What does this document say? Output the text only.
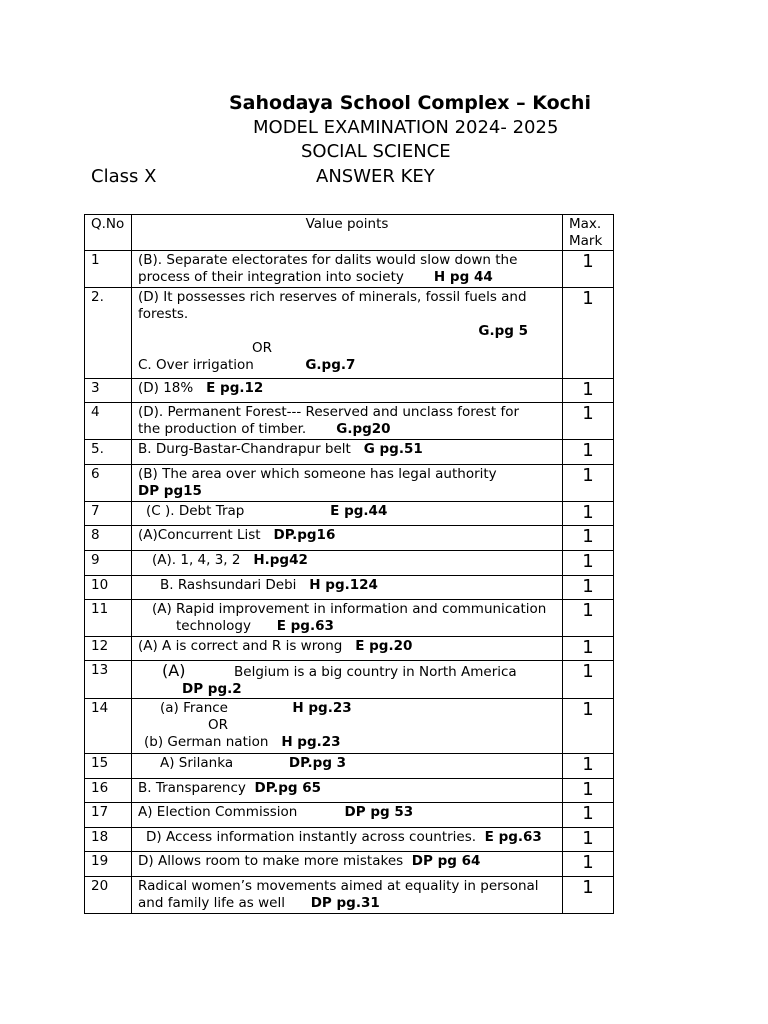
Sahodaya School Complex – Kochi
MODEL EXAMINATION 2024- 2025
SOCIAL SCIENCE
Class X	ANSWER KEY
Q.No	Value points	Max.
Mark

1	(B). Separate electorates for dalits would slow down the
process of their integration into society H pg 44	1
2.	(D) It possesses rich reserves of minerals, fossil fuels and
forests.
G.pg 5
OR
C. Over irrigation G.pg.7	1
3	(D) 18% E pg.12	1
4	(D). Permanent Forest--- Reserved and unclass forest for
the production of timber. G.pg20	1
5.	B. Durg-Bastar-Chandrapur belt G pg.51	1
6	(B) The area over which someone has legal authority
DP pg15	1
7	(C ). Debt Trap E pg.44	1
8	(A)Concurrent List DP.pg16	1
9	(A). 1, 4, 3, 2 H.pg42	1
10	B. Rashsundari Debi H pg.124	1
11	(A) Rapid improvement in information and communication
technology E pg.63	1
12	(A) A is correct and R is wrong E pg.20	1
13	(A) Belgium is a big country in North America
DP pg.2	1
14	(a) France H pg.23
OR
(b) German nation H pg.23	1
15	A) Srilanka DP.pg 3	1
16	B. Transparency DP.pg 65	1
17	A) Election Commission DP pg 53	1
18	D) Access information instantly across countries. E pg.63	1
19	D) Allows room to make more mistakes DP pg 64	1
20	Radical women’s movements aimed at equality in personal
and family life as well DP pg.31	1
